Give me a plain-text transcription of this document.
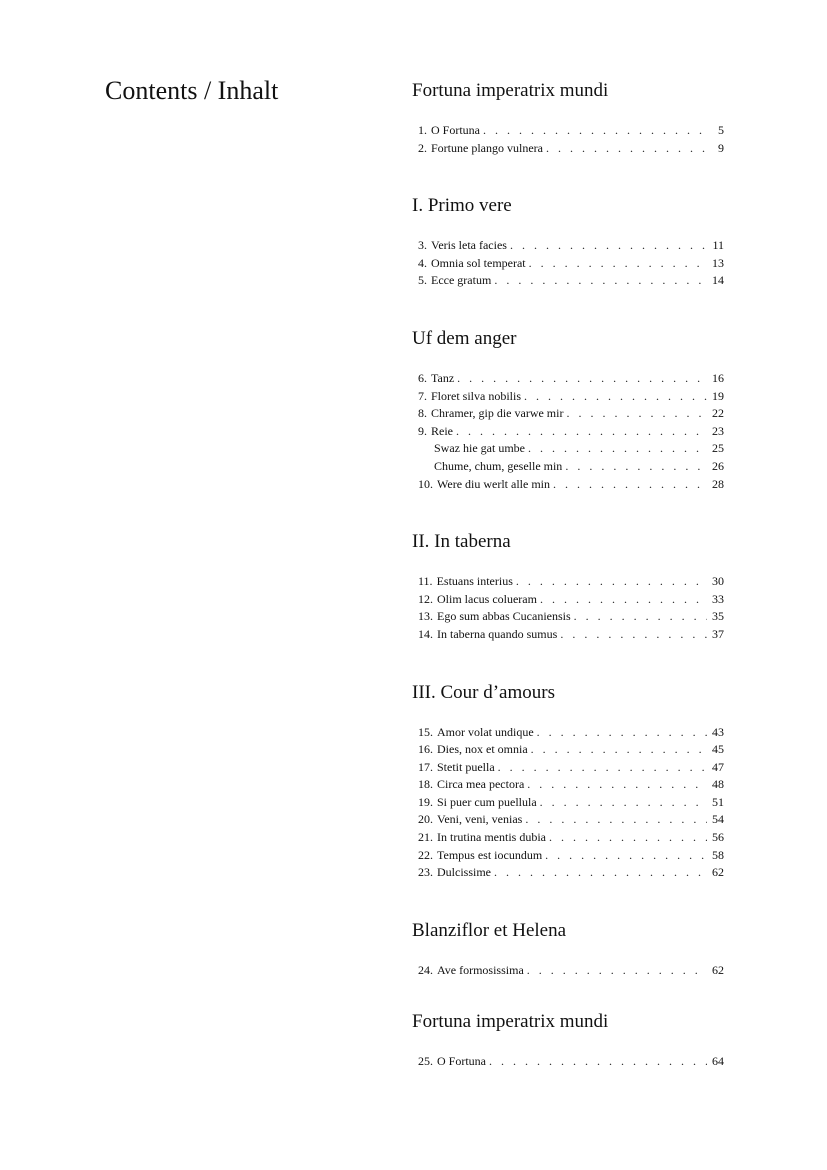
Contents / Inhalt	Fortuna imperatrix mundi
1. O Fortuna . . .	5
2. Fortune plango vulnera . . .	9
I. Primo vere
3. Veris leta facies . . .	11
4. Omnia sol temperat . . .	13
5. Ecce gratum . . .	14
Uf dem anger
6. Tanz . . .	16
7. Floret silva nobilis . . .	19
8. Chramer, gip die varwe mir . . .	22
9. Reie . . .	23
Swaz hie gat umbe . . .	25
Chume, chum, geselle min . . .	26
10. Were diu werlt alle min . . .	28
II. In taberna
11. Estuans interius . . .	30
12. Olim lacus colueram . . .	33
13. Ego sum abbas Cucaniensis . . .	35
14. In taberna quando sumus . . .	37
III. Cour d’amours
15. Amor volat undique . . .	43
16. Dies, nox et omnia . . .	45
17. Stetit puella . . .	47
18. Circa mea pectora . . .	48
19. Si puer cum puellula . . .	51
20. Veni, veni, venias . . .	54
21. In trutina mentis dubia . . .	56
22. Tempus est iocundum . . .	58
23. Dulcissime . . .	62
Blanziflor et Helena
24. Ave formosissima . . .	62
Fortuna imperatrix mundi
25. O Fortuna . . .	64
